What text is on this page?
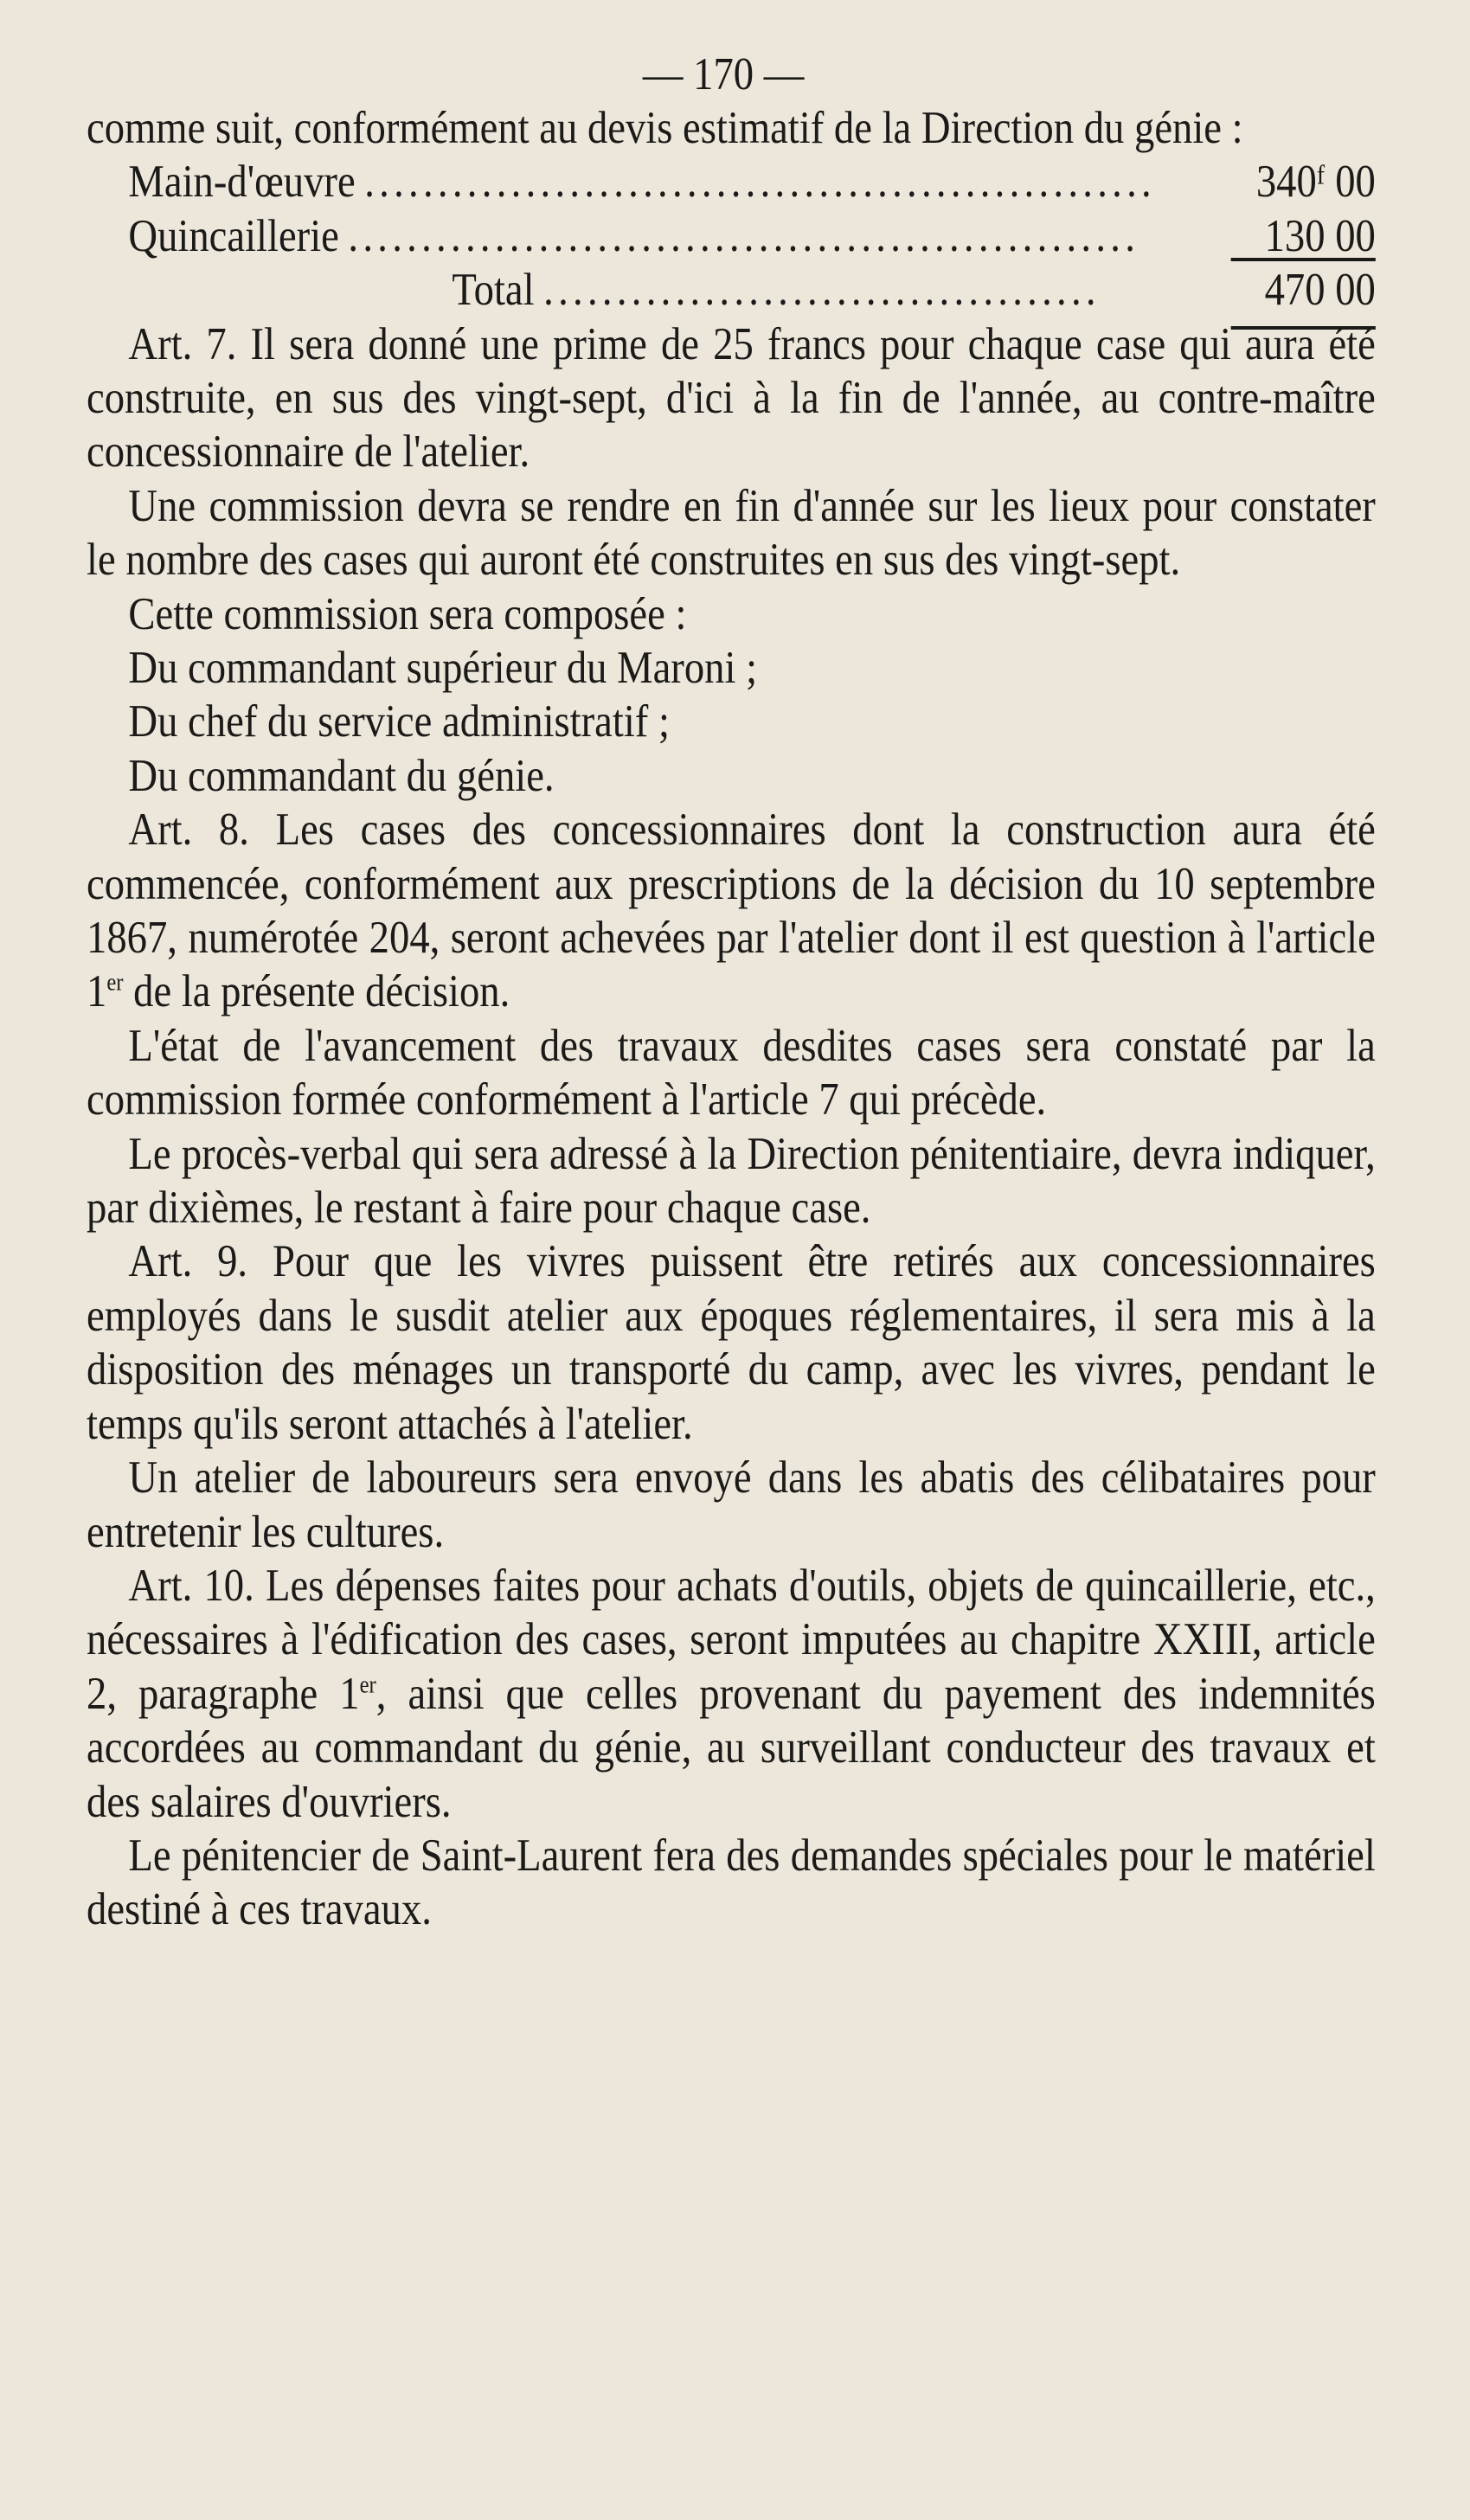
— 170 —

comme suit, conformément au devis estimatif de la Direction du génie :

Main-d'œuvre ......................................................	340ᶠ 00
Quincaillerie ......................................................	130 00
Total ......................................	470 00

Art. 7. Il sera donné une prime de 25 francs pour chaque case qui aura été construite, en sus des vingt-sept, d'ici à la fin de l'année, au contre-maître concessionnaire de l'atelier.

Une commission devra se rendre en fin d'année sur les lieux pour constater le nombre des cases qui auront été construites en sus des vingt-sept.

Cette commission sera composée :

Du commandant supérieur du Maroni ;
Du chef du service administratif ;
Du commandant du génie.

Art. 8. Les cases des concessionnaires dont la construction aura été commencée, conformément aux prescriptions de la décision du 10 septembre 1867, numérotée 204, seront achevées par l'atelier dont il est question à l'article 1er de la présente décision.

L'état de l'avancement des travaux desdites cases sera constaté par la commission formée conformément à l'article 7 qui précède.

Le procès-verbal qui sera adressé à la Direction pénitentiaire, devra indiquer, par dixièmes, le restant à faire pour chaque case.

Art. 9. Pour que les vivres puissent être retirés aux concessionnaires employés dans le susdit atelier aux époques réglementaires, il sera mis à la disposition des ménages un transporté du camp, avec les vivres, pendant le temps qu'ils seront attachés à l'atelier.

Un atelier de laboureurs sera envoyé dans les abatis des célibataires pour entretenir les cultures.

Art. 10. Les dépenses faites pour achats d'outils, objets de quincaillerie, etc., nécessaires à l'édification des cases, seront imputées au chapitre XXIII, article 2, paragraphe 1er, ainsi que celles provenant du payement des indemnités accordées au commandant du génie, au surveillant conducteur des travaux et des salaires d'ouvriers.

Le pénitencier de Saint-Laurent fera des demandes spéciales pour le matériel destiné à ces travaux.
